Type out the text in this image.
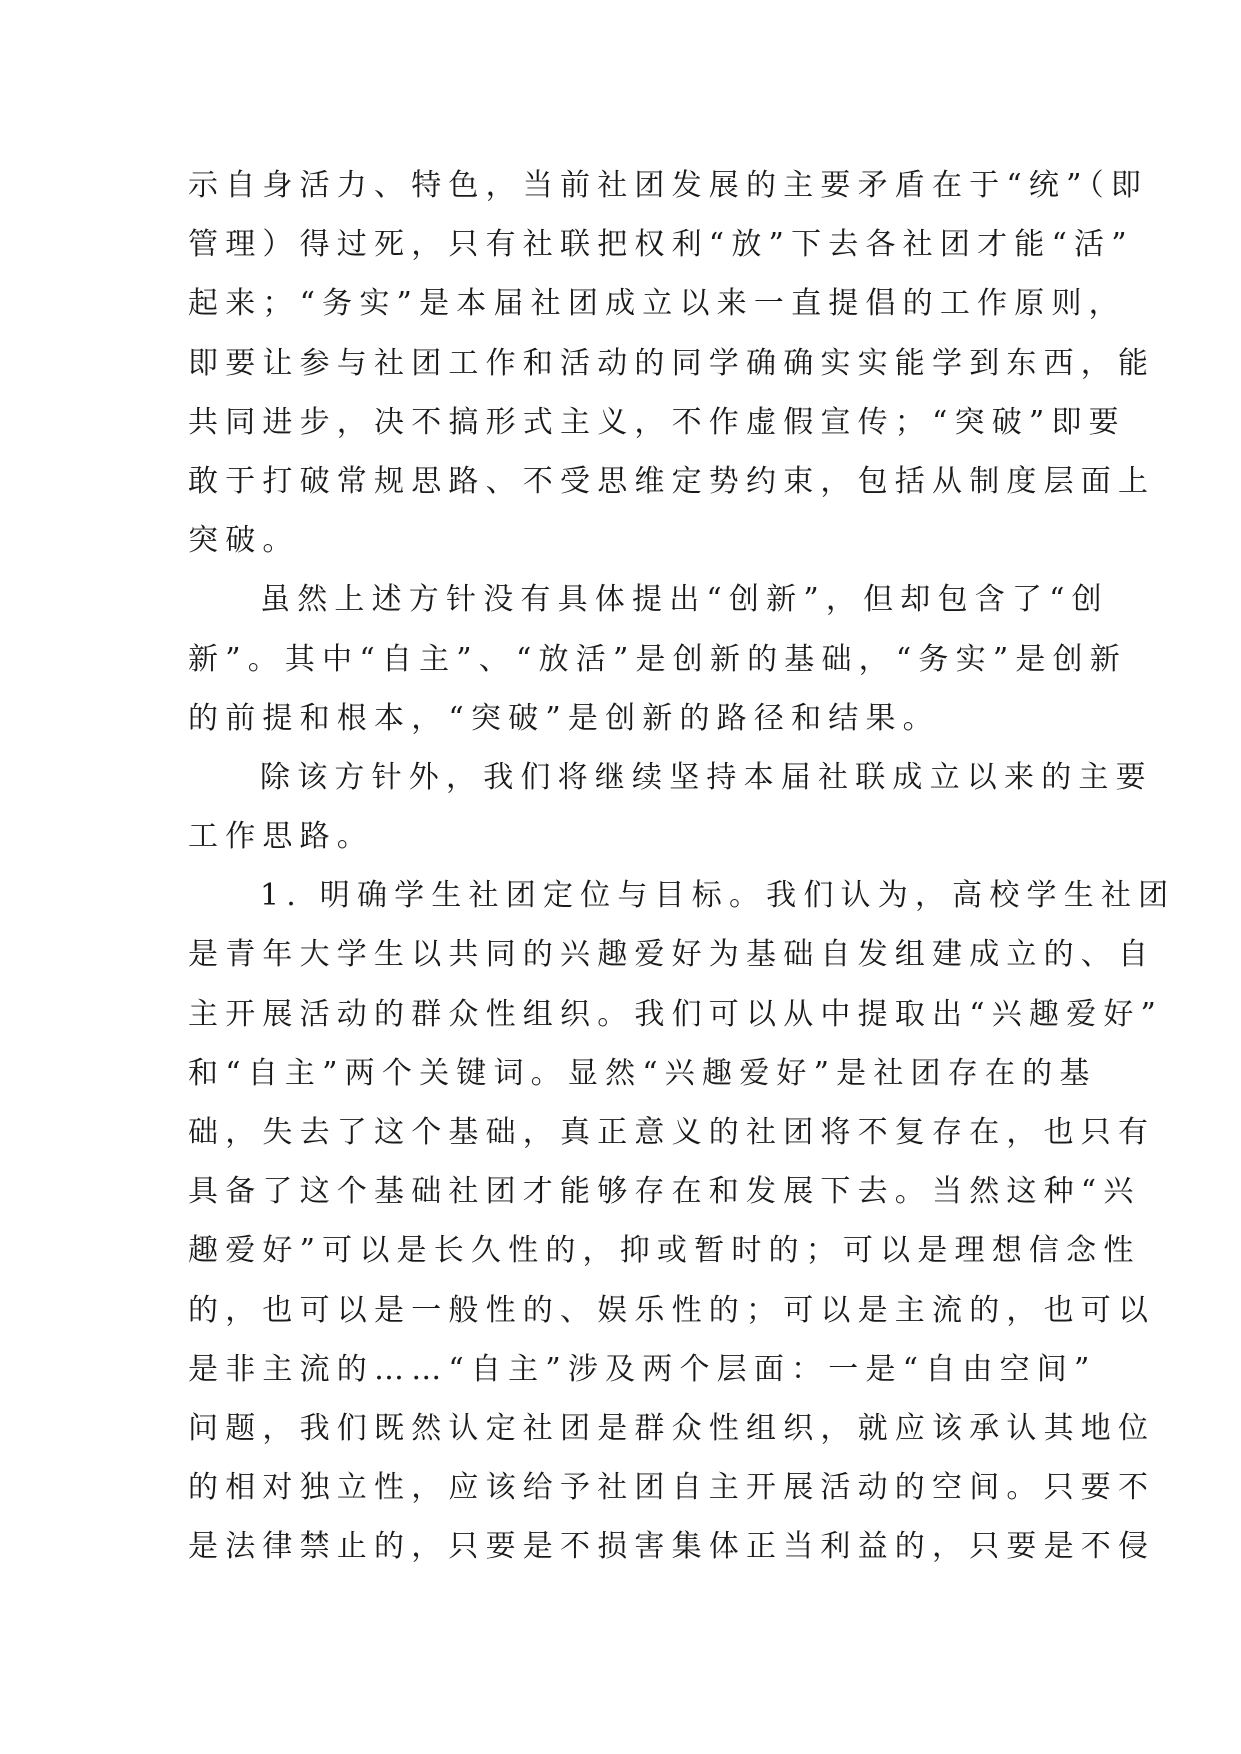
示自身活力、特色，当前社团发展的主要矛盾在于“统”（即
管理）得过死，只有社联把权利“放”下去各社团才能“活”
起来；“务实”是本届社团成立以来一直提倡的工作原则，
即要让参与社团工作和活动的同学确确实实能学到东西，能
共同进步，决不搞形式主义，不作虚假宣传；“突破”即要
敢于打破常规思路、不受思维定势约束，包括从制度层面上
突破。
虽然上述方针没有具体提出“创新”，但却包含了“创
新”。其中“自主”、“放活”是创新的基础，“务实”是创新
的前提和根本，“突破”是创新的路径和结果。
除该方针外，我们将继续坚持本届社联成立以来的主要
工作思路。
1. 明确学生社团定位与目标。我们认为，高校学生社团
是青年大学生以共同的兴趣爱好为基础自发组建成立的、自
主开展活动的群众性组织。我们可以从中提取出“兴趣爱好”
和“自主”两个关键词。显然“兴趣爱好”是社团存在的基
础，失去了这个基础，真正意义的社团将不复存在，也只有
具备了这个基础社团才能够存在和发展下去。当然这种“兴
趣爱好”可以是长久性的，抑或暂时的；可以是理想信念性
的，也可以是一般性的、娱乐性的；可以是主流的，也可以
是非主流的……“自主”涉及两个层面：一是“自由空间”
问题，我们既然认定社团是群众性组织，就应该承认其地位
的相对独立性，应该给予社团自主开展活动的空间。只要不
是法律禁止的，只要是不损害集体正当利益的，只要是不侵
